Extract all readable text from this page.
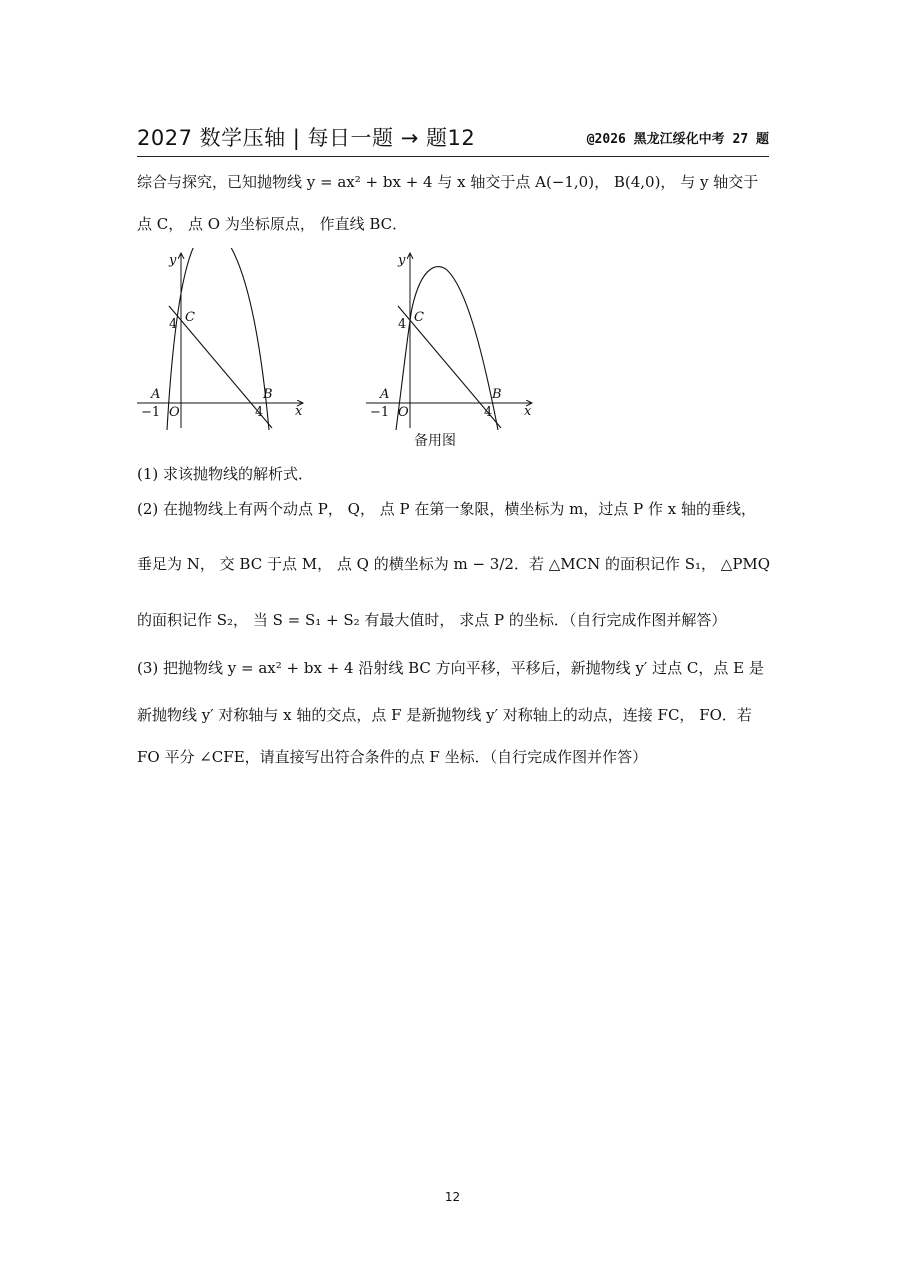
2027 数学压轴 | 每日一题 → 题12	@2026 黑龙江绥化中考 27 题
综合与探究，已知抛物线 y = ax² + bx + 4 与 x 轴交于点 A(−1,0)， B(4,0)， 与 y 轴交于
点 C， 点 O 为坐标原点， 作直线 BC．
y
x
C
4
A	B
−1 O	4
y
x
C
4
A	B
−1 O	4
备用图
(1) 求该抛物线的解析式．
(2) 在抛物线上有两个动点 P， Q， 点 P 在第一象限，横坐标为 m，过点 P 作 x 轴的垂线，
垂足为 N， 交 BC 于点 M， 点 Q 的横坐标为 m − 3/2．若 △MCN 的面积记作 S₁， △PMQ
的面积记作 S₂， 当 S = S₁ + S₂ 有最大值时， 求点 P 的坐标．（自行完成作图并解答）
(3) 把抛物线 y = ax² + bx + 4 沿射线 BC 方向平移，平移后，新抛物线 y′ 过点 C，点 E 是
新抛物线 y′ 对称轴与 x 轴的交点，点 F 是新抛物线 y′ 对称轴上的动点，连接 FC， FO．若
FO 平分 ∠CFE，请直接写出符合条件的点 F 坐标．（自行完成作图并作答）
12
